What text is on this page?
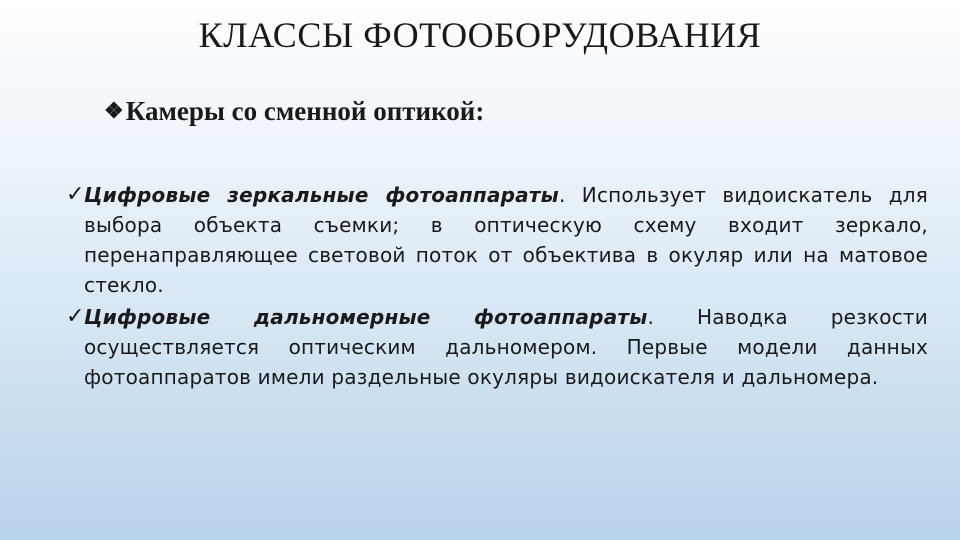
КЛАССЫ ФОТООБОРУДОВАНИЯ
❖Камеры со сменной оптикой:
✓ Цифровые зеркальные фотоаппараты. Использует видоискатель для выбора объекта съемки; в оптическую схему входит зеркало, перенаправляющее световой поток от объектива в окуляр или на матовое стекло.
✓ Цифровые дальномерные фотоаппараты. Наводка резкости осуществляется оптическим дальномером. Первые модели данных фотоаппаратов имели раздельные окуляры видоискателя и дальномера.
